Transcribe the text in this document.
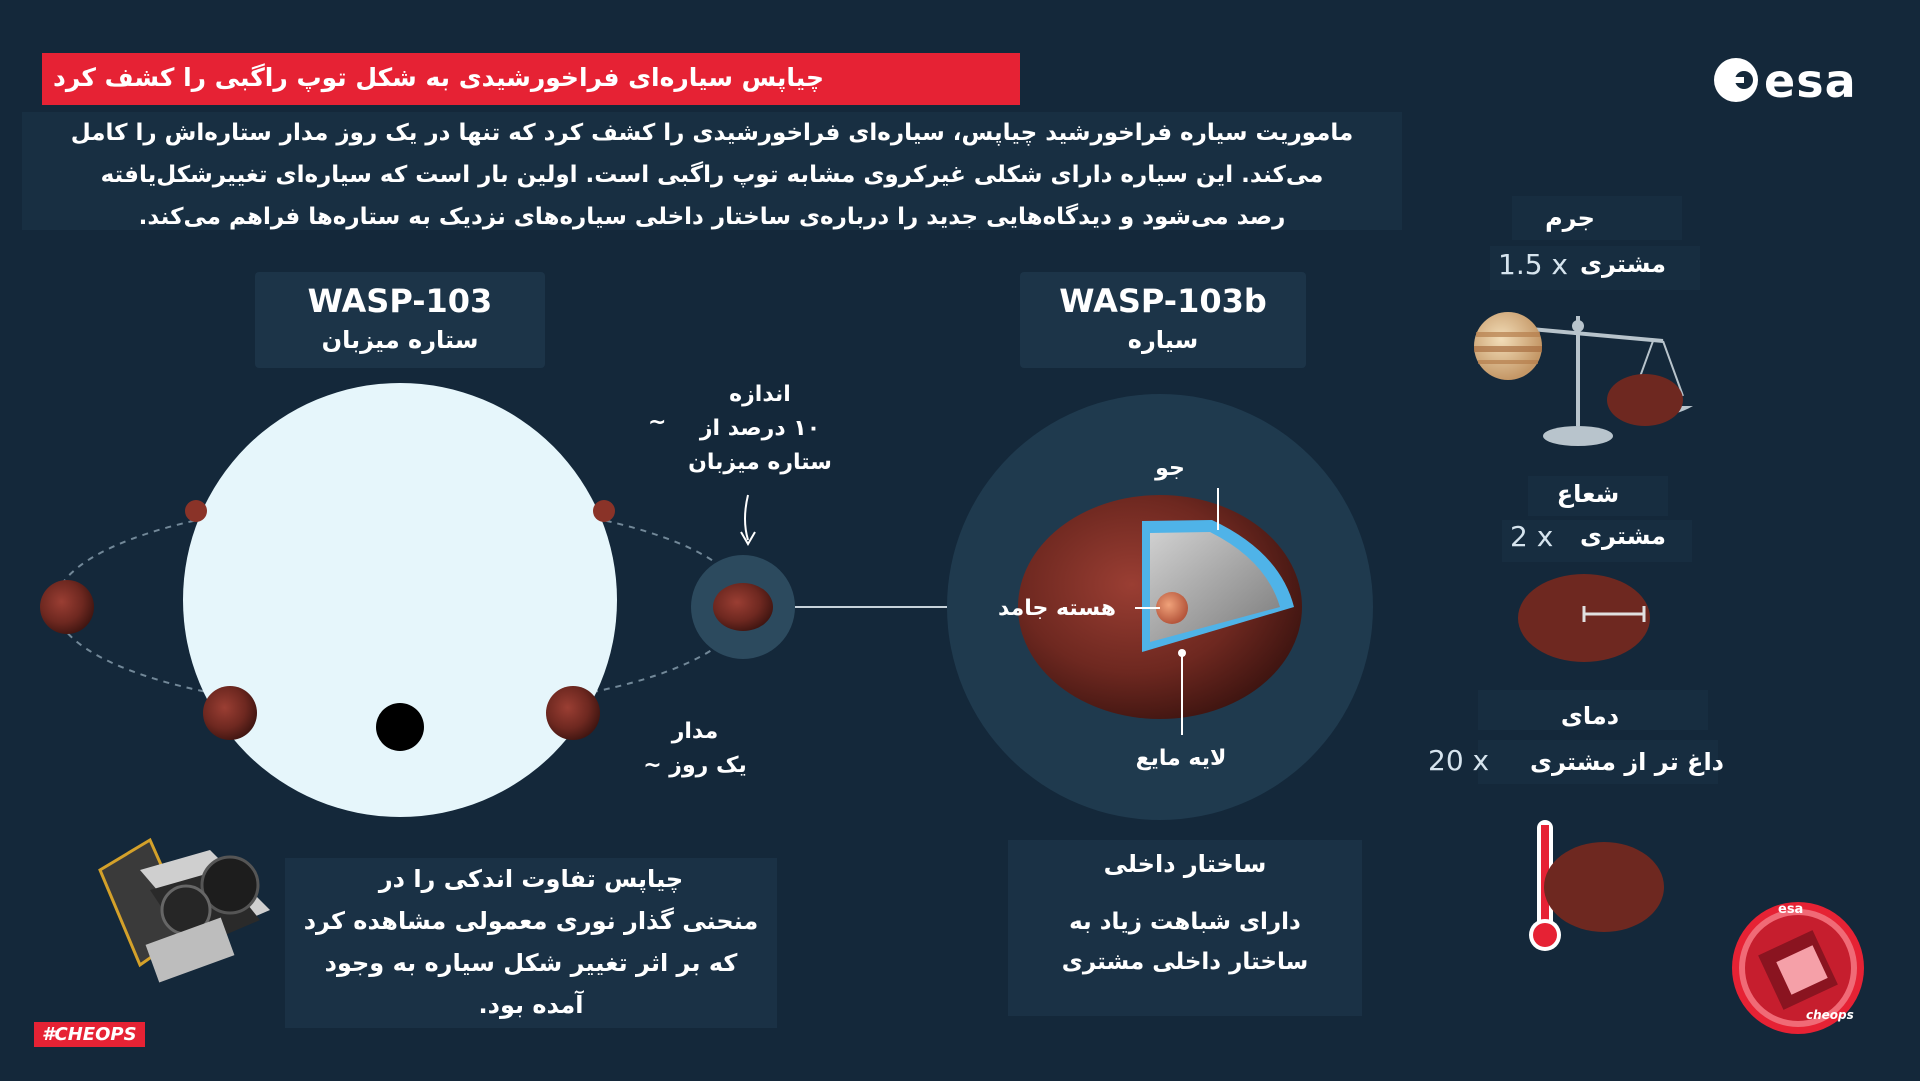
چیاپس سیاره‌ای فراخورشیدی به شکل توپ راگبی را کشف کرد	esa

ماموریت سیاره فراخورشید چیاپس، سیاره‌ای فراخورشیدی را کشف کرد که تنها در یک روز مدار ستاره‌اش را کامل

می‌کند. این سیاره دارای شکلی غیرکروی مشابه توپ راگبی است. اولین بار است که سیاره‌ای تغییرشکل‌یافته

رصد می‌شود و دیدگاه‌هایی جدید را درباره‌ی ساختار داخلی سیاره‌های نزدیک به ستاره‌ها فراهم می‌کند.

WASP-103
ستاره میزبان
WASP-103b
سیاره
اندازه
۱۰ درصد از
ستاره میزبان
~
مدار
یک روز ~
جو
هسته جامد
لایه مایع
ساختار داخلی
دارای شباهت زیاد به
ساختار داخلی مشتری
چیاپس تفاوت اندکی را در
منحنی گذار نوری معمولی مشاهده کرد
که بر اثر تغییر شکل سیاره به وجود
آمده بود.
#CHEOPS
جرم
1.5 x مشتری
شعاع
2 x مشتری
دمای
20 x داغ تر از مشتری
esa
cheops
